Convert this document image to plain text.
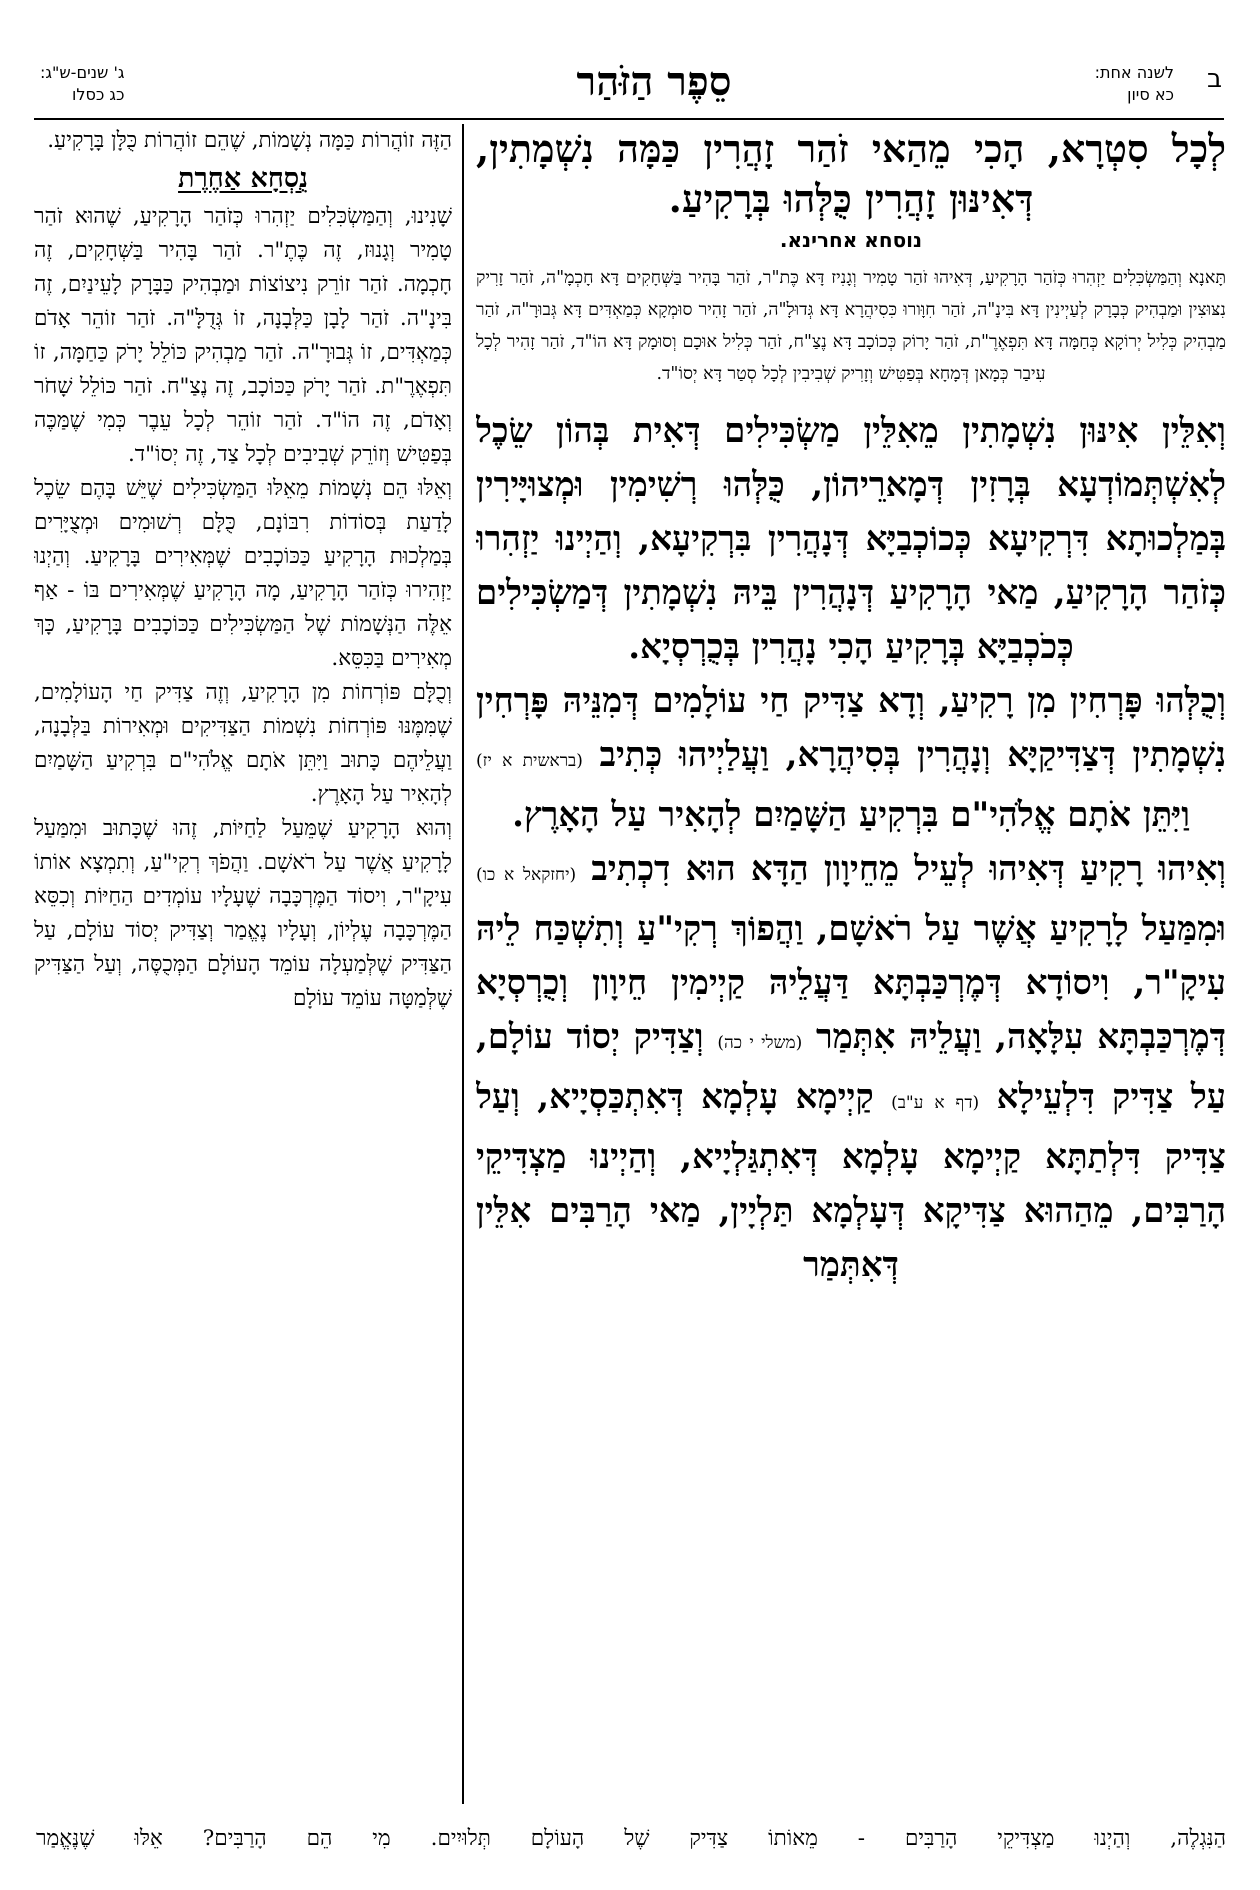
ב
לשנה אחת:
כא סיון
סֵפֶר הַזֹּהַר
ג' שנים-ש"ג:
כג כסלו

לְכָל סִטְרָא, הָכִי מֵהַאי זֹהַר זָהֲרִין כַּמָּה נִשְׁמָתִין, דְּאִינּוּן זָהֲרִין כֻּלְּהוּ בְּרָקִיעַ.

נוסחא אחרינא.
תָּאנָא וְהַמַּשְׂכִּלִים יַזְהִרוּ כְּזֹהַר הָרָקִיעַ, דְּאִיהוּ זֹהַר טָמִיר וְגָנִיז דָּא כֶּת"ר, זֹהַר בָּהִיר בַּשְּׁחָקִים דָּא חָכְמָ"ה, זֹהַר זָרִיק נִצּוּצִין וּמַבְהִיק כְּבָרָק לְעַיְינִין דָּא בִּינָ"ה, זֹהַר חִוָּורוּ כִּסִיהֲרָא דָּא גְּדוּלָ"ה, זֹהַר זָהִיר סוּמְקָא כְּמַאְדִּים דָּא גְּבוּרָ"ה, זֹהַר מַבְהִיק כְּלִיל יְרוֹקָא כְּחַמָּה דָּא תִּפְאֶרֶ"ת, זֹהַר יָרוֹק כְּכוֹכָב דָּא נֶצַ"ח, זֹהַר כְּלִיל אוּכָם וְסוּמָק דָּא הוֹ"ד, זֹהַר זָהִיר לְכָל עִיבַר כְּמָאן דְּמָחָא בְּפַטִּישׁ וְזָרִיק שְׁבִיבִין לְכָל סְטַר דָּא יְסוֹ"ד.

וְאִלֵּין אִינּוּן נִשְׁמָתִין מֵאִלֵּין מַשְׂכִּילִים דְּאִית בְּהוֹן שֵׂכֶל לְאִשְׁתְּמוֹדְעָא בְּרָזִין דְּמָארֵיהוֹן, כֻּלְּהוּ רְשִׁימִין וּמְצוּיָּירִין בְּמַלְכוּתָא דִּרְקִיעָא כְּכוֹכְבַיָּא דְּנָהֲרִין בִּרְקִיעָא, וְהַיְינוּ יַזְהִרוּ כְּזֹהַר הָרָקִיעַ, מַאי הָרָקִיעַ דְּנָהֲרִין בֵּיהּ נִשְׁמָתִין דְּמַשְׂכִּילִים כְּכֹכְבַיָּא בְּרָקִיעַ הָכִי נָהֲרִין בְּכֻרְסְיָא.

וְכֻלְּהוּ פָּרְחִין מִן רָקִיעַ, וְדָא צַדִּיק חַי עוֹלָמִים דְּמִנֵּיהּ פָּרְחִין נִשְׁמָתִין דְּצַדִּיקַיָּא וְנָהֲרִין בְּסִיהֲרָא, וַעֲלַיְיהוּ כְּתִיב (בראשית א יז) וַיִּתֵּן אֹתָם אֱלֹהִי"ם בִּרְקִיעַ הַשָּׁמַיִם לְהָאִיר עַל הָאָרֶץ.

וְאִיהוּ רָקִיעַ דְּאִיהוּ לְעֵיל מֵחֵיוָון הַדָּא הוּא דִכְתִיב (יחזקאל א כו) וּמִמַּעַל לָרָקִיעַ אֲשֶׁר עַל רֹאשָׁם, וַהֲפוֹךְ רְקִי"עַ וְתִשְׁכַּח לֵיהּ עִיקָ"ר, וִיסוֹדָא דְּמֶרְכַּבְתָּא דַּעֲלֵיהּ קַיְימִין חֵיוָון וְכֻרְסְיָא דְּמֶרְכַּבְתָּא עִלָּאָה, וַעֲלֵיהּ אִתְּמַר (משלי י כה) וְצַדִּיק יְסוֹד עוֹלָם, עַל צַדִּיק דִּלְעֵילָא (דף א ע"ב) קַיְימָא עָלְמָא דְּאִתְכַּסְיָיא, וְעַל צַדִּיק דִּלְתַתָּא קַיְימָא עָלְמָא דְּאִתְגַּלְיָיא, וְהַיְינוּ מַצְדִּיקֵי הָרַבִּים, מֵהַהוּא צַדִּיקָא דְּעָלְמָא תַּלְיָין, מַאי הָרַבִּים אִלֵּין דְּאִתְּמַר

הַזֶּה זוֹהֲרוֹת כַּמָּה נְשָׁמוֹת, שֶׁהֵם זוֹהֲרוֹת כֻּלָּן בָּרָקִיעַ.

נֻסְחָא אַחֶרֶת

שָׁנִינוּ, וְהַמַּשְׂכִּלִים יַזְהִרוּ כְּזֹהַר הָרָקִיעַ, שֶׁהוּא זֹהַר טָמִיר וְגָנוּז, זֶה כֶּתֶ"ר. זֹהַר בָּהִיר בַּשְּׁחָקִים, זֶה חָכְמָה. זֹהַר זוֹרֵק נִיצוֹצוֹת וּמַבְהִיק כַּבָּרָק לָעֵינַיִם, זֶה בִּינָ"ה. זֹהַר לָבָן כַּלְּבָנָה, זוֹ גְּדֻלָּ"ה. זֹהַר זוֹהֵר אָדֹם כְּמַאְדִּים, זוֹ גְּבוּרָ"ה. זֹהַר מַבְהִיק כּוֹלֵל יָרֹק כַּחַמָּה, זוֹ תִּפְאֶרֶ"ת. זֹהַר יָרֹק כַּכּוֹכָב, זֶה נֶצַ"ח. זֹהַר כּוֹלֵל שָׁחֹר וְאָדֹם, זֶה הוֹ"ד. זֹהַר זוֹהֵר לְכָל עֵבֶר כְּמִי שֶׁמַּכֶּה בְּפַטִּישׁ וְזוֹרֵק שְׁבִיבִים לְכָל צַד, זֶה יְסוֹ"ד.

וְאֵלּוּ הֵם נְשָׁמוֹת מֵאֵלּוּ הַמַּשְׂכִּילִים שֶׁיֵּשׁ בָּהֶם שֵׂכֶל לָדַעַת בְּסוֹדוֹת רִבּוֹנָם, כֻּלָּם רְשׁוּמִים וּמְצֻיָּרִים בְּמַלְכוּת הָרָקִיעַ כַּכּוֹכָבִים שֶׁמְּאִירִים בָּרָקִיעַ. וְהַיְנוּ יַזְהִירוּ כְּזֹהַר הָרָקִיעַ, מָה הָרָקִיעַ שֶׁמְּאִירִים בּוֹ - אַף אֵלֶּה הַנְּשָׁמוֹת שֶׁל הַמַּשְׂכִּילִים כַּכּוֹכָבִים בָּרָקִיעַ, כָּךְ מְאִירִים בַּכִּסֵּא.

וְכֻלָּם פּוֹרְחוֹת מִן הָרָקִיעַ, וְזֶה צַדִּיק חַי הָעוֹלָמִים, שֶׁמִּמֶּנּוּ פּוֹרְחוֹת נִשְׁמוֹת הַצַּדִּיקִים וּמְאִירוֹת בַּלְּבָנָה, וַעֲלֵיהֶם כָּתוּב וַיִּתֵּן אֹתָם אֱלֹהִי"ם בִּרְקִיעַ הַשָּׁמַיִם לְהָאִיר עַל הָאָרֶץ.

וְהוּא הָרָקִיעַ שֶׁמֵּעַל לַחַיּוֹת, זֶהוּ שֶׁכָּתוּב וּמִמַּעַל לָרָקִיעַ אֲשֶׁר עַל רֹאשָׁם. וַהֲפֹךְ רְקִי"עַ, וְתִמְצָא אוֹתוֹ עִיקָ"ר, וִיסוֹד הַמֶּרְכָּבָה שֶׁעָלָיו עוֹמְדִים הַחַיּוֹת וְכִסֵּא הַמֶּרְכָּבָה עֶלְיוֹן, וְעָלָיו נֶאֱמַר וְצַדִּיק יְסוֹד עוֹלָם, עַל הַצַּדִּיק שֶׁלְּמַעְלָה עוֹמֵד הָעוֹלָם הַמְּכֻסֶּה, וְעַל הַצַּדִּיק שֶׁלְּמַטָּה עוֹמֵד עוֹלָם

הַנִּגְלֶה, וְהַיְנוּ מַצְדִּיקֵי הָרַבִּים - מֵאוֹתוֹ צַדִּיק שֶׁל הָעוֹלָם תְּלוּיִים. מִי הֵם הָרַבִּים? אֵלּוּ שֶׁנֶּאֱמַר
